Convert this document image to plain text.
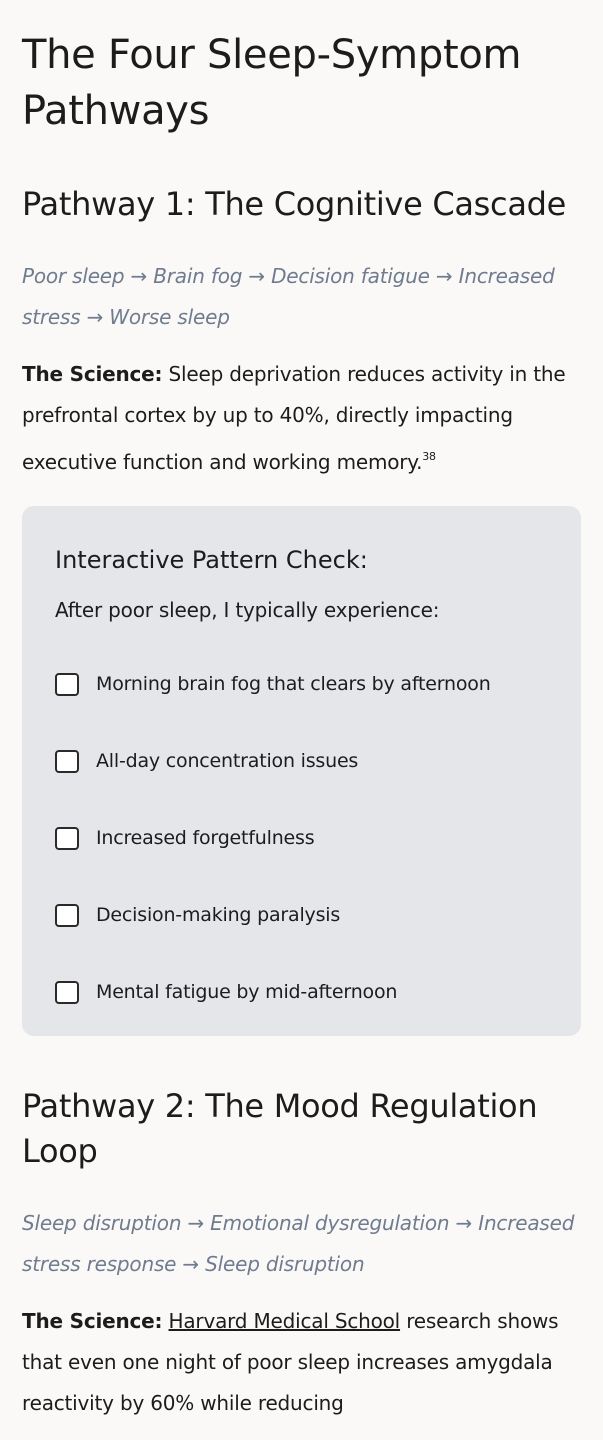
The Four Sleep-Symptom Pathways
Pathway 1: The Cognitive Cascade

Poor sleep → Brain fog → Decision fatigue → Increased stress → Worse sleep

The Science: Sleep deprivation reduces activity in the prefrontal cortex by up to 40%, directly impacting executive function and working memory.$^{38}$

Interactive Pattern Check:
After poor sleep, I typically experience:
Morning brain fog that clears by afternoon
All-day concentration issues
Increased forgetfulness
Decision-making paralysis
Mental fatigue by mid-afternoon
Pathway 2: The Mood Regulation Loop

Sleep disruption → Emotional dysregulation → Increased stress response → Sleep disruption

The Science: Harvard Medical School research shows that even one night of poor sleep increases amygdala reactivity by 60% while reducing
